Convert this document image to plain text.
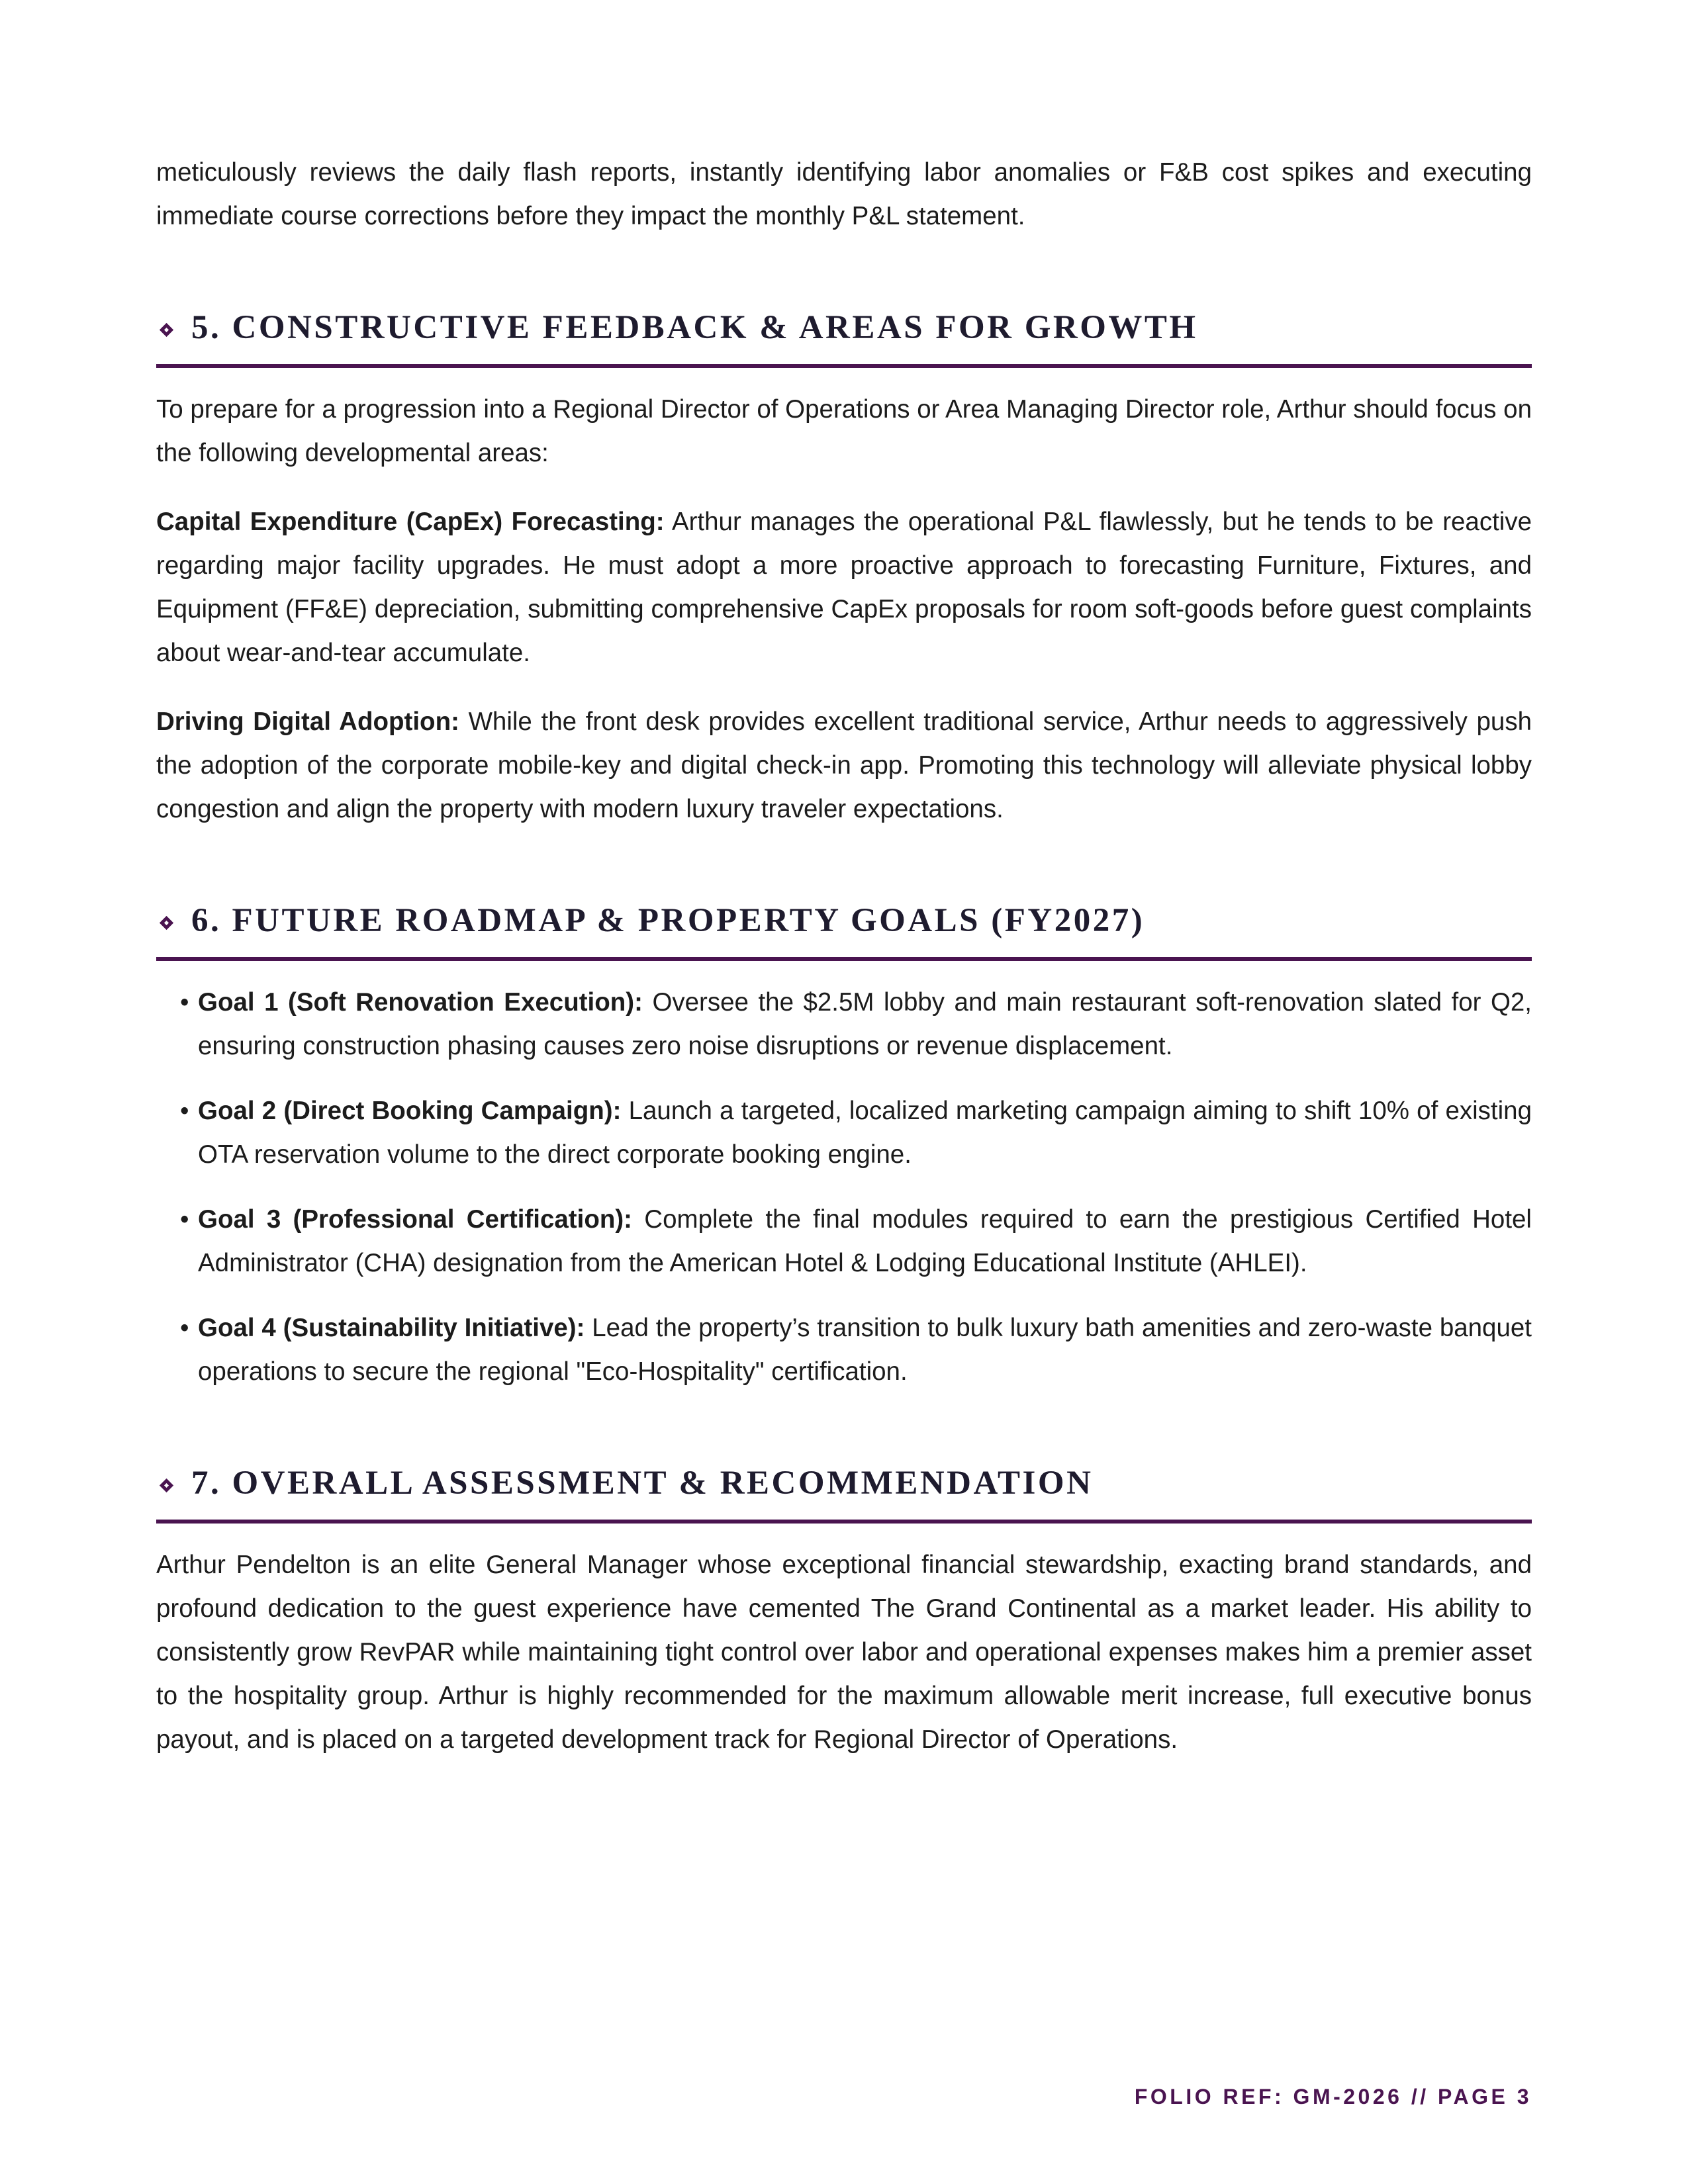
meticulously reviews the daily flash reports, instantly identifying labor anomalies or F&B cost spikes and executing immediate course corrections before they impact the monthly P&L statement.

5. CONSTRUCTIVE FEEDBACK & AREAS FOR GROWTH

To prepare for a progression into a Regional Director of Operations or Area Managing Director role, Arthur should focus on the following developmental areas:

Capital Expenditure (CapEx) Forecasting: Arthur manages the operational P&L flawlessly, but he tends to be reactive regarding major facility upgrades. He must adopt a more proactive approach to forecasting Furniture, Fixtures, and Equipment (FF&E) depreciation, submitting comprehensive CapEx proposals for room soft-goods before guest complaints about wear-and-tear accumulate.

Driving Digital Adoption: While the front desk provides excellent traditional service, Arthur needs to aggressively push the adoption of the corporate mobile-key and digital check-in app. Promoting this technology will alleviate physical lobby congestion and align the property with modern luxury traveler expectations.

6. FUTURE ROADMAP & PROPERTY GOALS (FY2027)
• Goal 1 (Soft Renovation Execution): Oversee the $2.5M lobby and main restaurant soft-renovation slated for Q2, ensuring construction phasing causes zero noise disruptions or revenue displacement.
• Goal 2 (Direct Booking Campaign): Launch a targeted, localized marketing campaign aiming to shift 10% of existing OTA reservation volume to the direct corporate booking engine.
• Goal 3 (Professional Certification): Complete the final modules required to earn the prestigious Certified Hotel Administrator (CHA) designation from the American Hotel & Lodging Educational Institute (AHLEI).
• Goal 4 (Sustainability Initiative): Lead the property’s transition to bulk luxury bath amenities and zero-waste banquet operations to secure the regional "Eco-Hospitality" certification.
7. OVERALL ASSESSMENT & RECOMMENDATION

Arthur Pendelton is an elite General Manager whose exceptional financial stewardship, exacting brand standards, and profound dedication to the guest experience have cemented The Grand Continental as a market leader. His ability to consistently grow RevPAR while maintaining tight control over labor and operational expenses makes him a premier asset to the hospitality group. Arthur is highly recommended for the maximum allowable merit increase, full executive bonus payout, and is placed on a targeted development track for Regional Director of Operations.

FOLIO REF: GM-2026 // PAGE 3
